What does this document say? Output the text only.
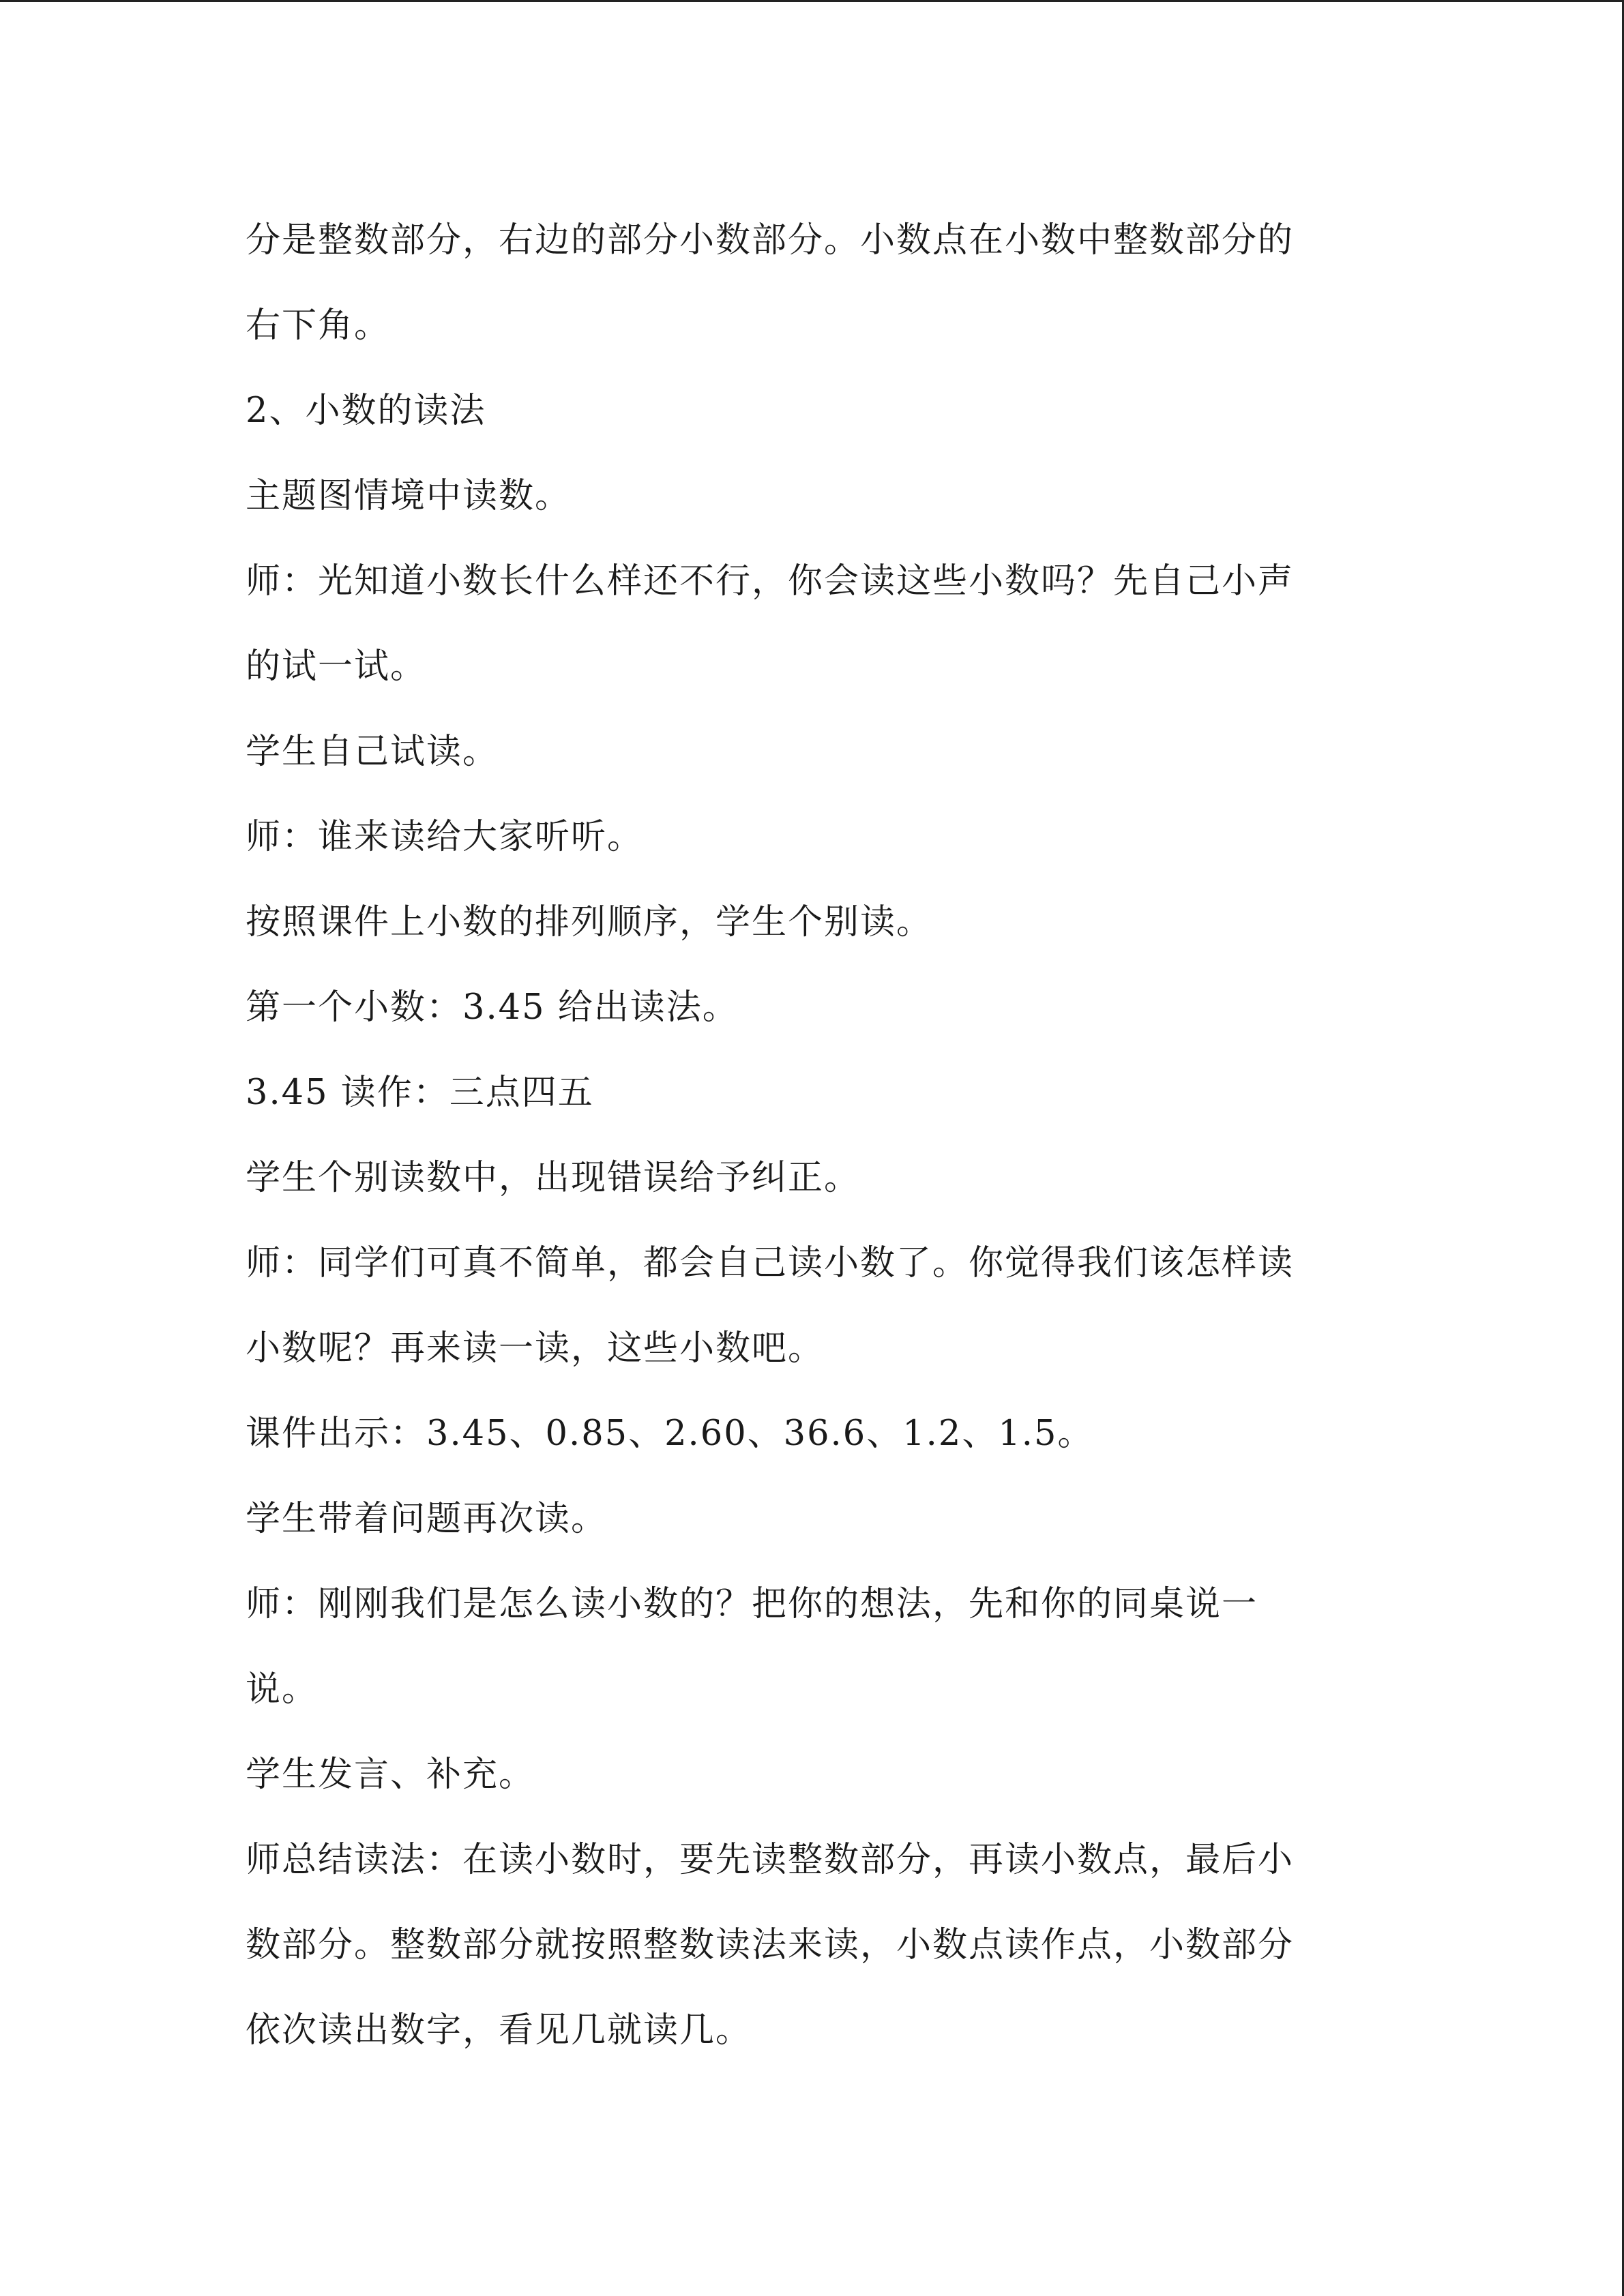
分是整数部分，右边的部分小数部分。小数点在小数中整数部分的
右下角。
2、小数的读法
主题图情境中读数。
师：光知道小数长什么样还不行，你会读这些小数吗？先自己小声
的试一试。
学生自己试读。
师：谁来读给大家听听。
按照课件上小数的排列顺序，学生个别读。
第一个小数：3.45 给出读法。
3.45 读作：三点四五
学生个别读数中，出现错误给予纠正。
师：同学们可真不简单，都会自己读小数了。你觉得我们该怎样读
小数呢？再来读一读，这些小数吧。
课件出示：3.45、0.85、2.60、36.6、1.2、1.5。
学生带着问题再次读。
师：刚刚我们是怎么读小数的？把你的想法，先和你的同桌说一
说。
学生发言、补充。
师总结读法：在读小数时，要先读整数部分，再读小数点，最后小
数部分。整数部分就按照整数读法来读，小数点读作点，小数部分
依次读出数字，看见几就读几。
